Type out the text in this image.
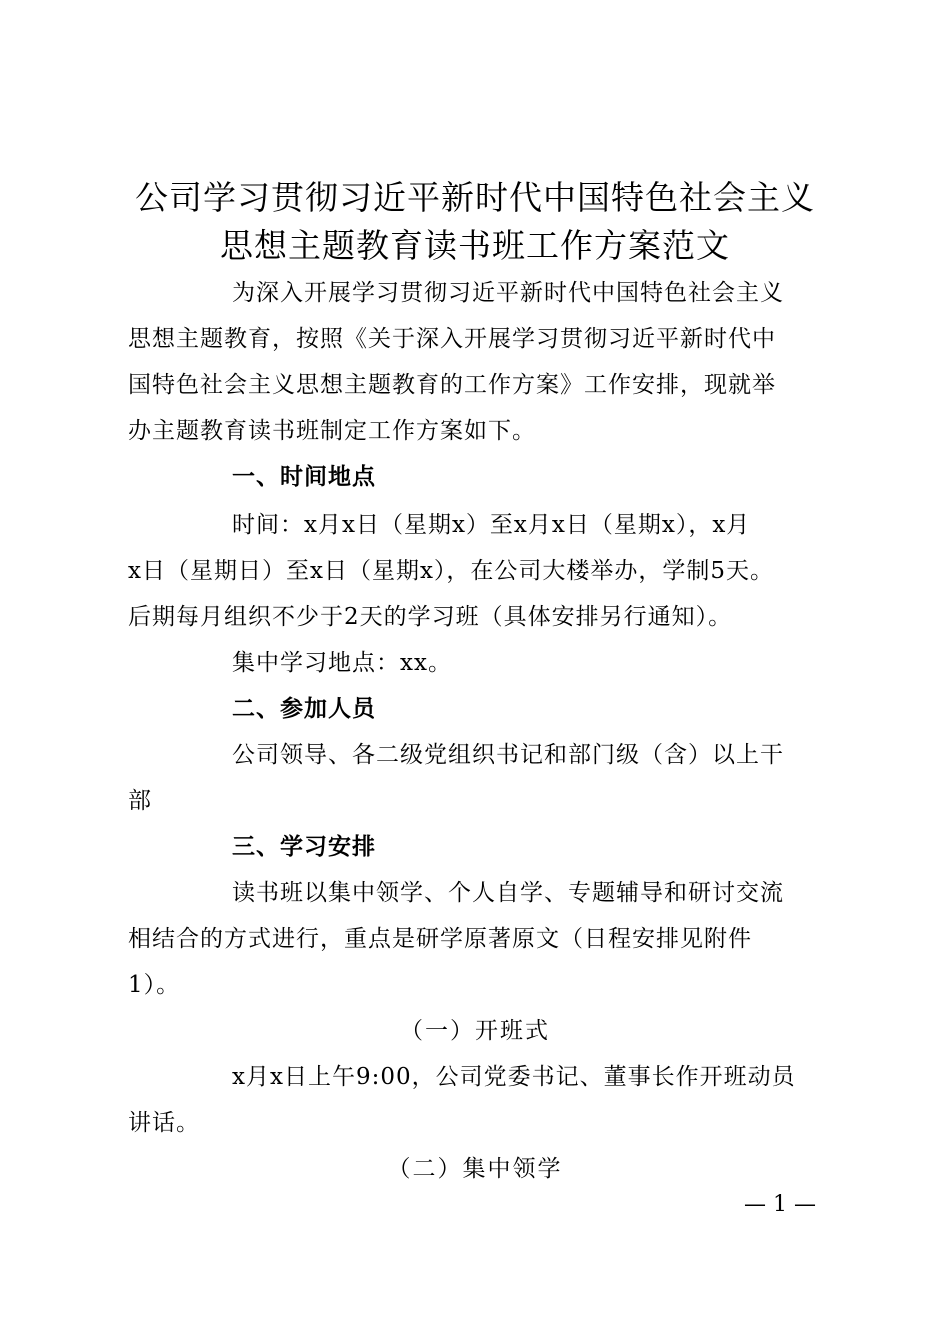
公司学习贯彻习近平新时代中国特色社会主义
思想主题教育读书班工作方案范文
为深入开展学习贯彻习近平新时代中国特色社会主义
思想主题教育，按照《关于深入开展学习贯彻习近平新时代中
国特色社会主义思想主题教育的工作方案》工作安排，现就举
办主题教育读书班制定工作方案如下。
一、时间地点
时间：x月x日（星期x）至x月x日（星期x），x月
x日（星期日）至x日（星期x），在公司大楼举办，学制5天。
后期每月组织不少于2天的学习班（具体安排另行通知）。
集中学习地点：xx。
二、参加人员
公司领导、各二级党组织书记和部门级（含）以上干
部
三、学习安排
读书班以集中领学、个人自学、专题辅导和研讨交流
相结合的方式进行，重点是研学原著原文（日程安排见附件
1）。
（一）开班式
x月x日上午9:00，公司党委书记、董事长作开班动员
讲话。
（二）集中领学
— 1 —
